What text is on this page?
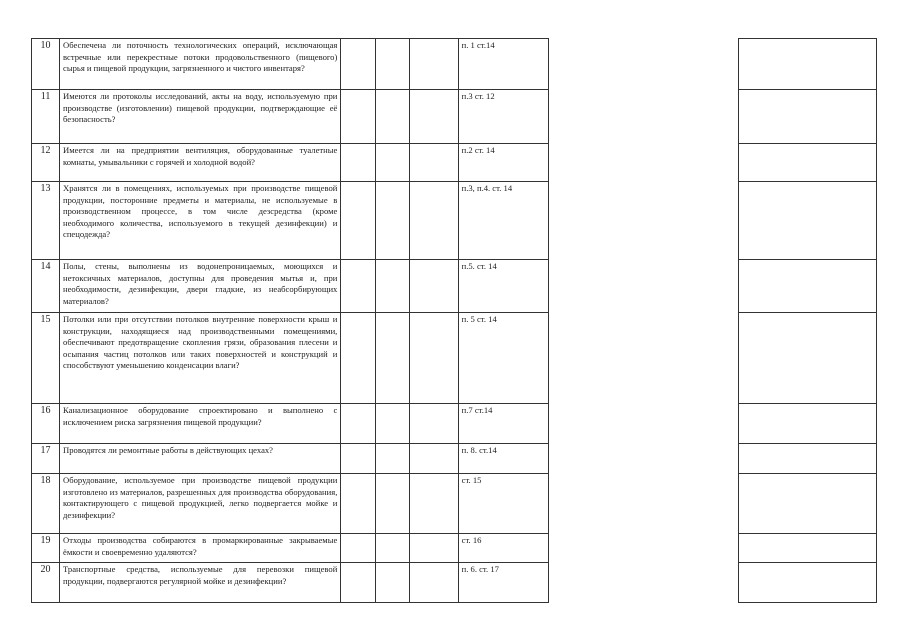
10	Обеспечена ли поточность технологических операций, исключающая встречные или перекрестные потоки продовольственного (пищевого) сырья и пищевой продукции, загрязненного и чистого инвентаря?				п. 1 ст.14
11	Имеются ли протоколы исследований, акты на воду, используемую при производстве (изготовлении) пищевой продукции, подтверждающие её безопасность?				п.3 ст. 12
12	Имеется ли на предприятии вентиляция, оборудованные туалетные комнаты, умывальники с горячей и холодной водой?				п.2 ст. 14
13	Хранятся ли в помещениях, используемых при производстве пищевой продукции, посторонние предметы и материалы, не используемые в производственном процессе, в том числе дезсредства (кроме необходимого количества, используемого в текущей дезинфекции) и спецодежда?				п.3, п.4. ст. 14
14	Полы, стены, выполнены из водонепроницаемых, моющихся и нетоксичных материалов, доступны для проведения мытья и, при необходимости, дезинфекции, двери гладкие, из неабсорбирующих материалов?				п.5. ст. 14
15	Потолки или при отсутствии потолков внутренние поверхности крыш и конструкции, находящиеся над производственными помещениями, обеспечивают предотвращение скопления грязи, образования плесени и осыпания частиц потолков или таких поверхностей и конструкций и способствуют уменьшению конденсации влаги?				п. 5 ст. 14
16	Канализационное оборудование спроектировано и выполнено с исключением риска загрязнения пищевой продукции?				п.7 ст.14
17	Проводятся ли ремонтные работы в действующих цехах?				п. 8. ст.14
18	Оборудование, используемое при производстве пищевой продукции изготовлено из материалов, разрешенных для производства оборудования, контактирующего с пищевой продукцией, легко подвергается мойке и дезинфекции?				ст. 15
19	Отходы производства собираются в промаркированные закрываемые ёмкости и своевременно удаляются?				ст. 16
20	Транспортные средства, используемые для перевозки пищевой продукции, подвергаются регулярной мойке и дезинфекции?				п. 6. ст. 17
